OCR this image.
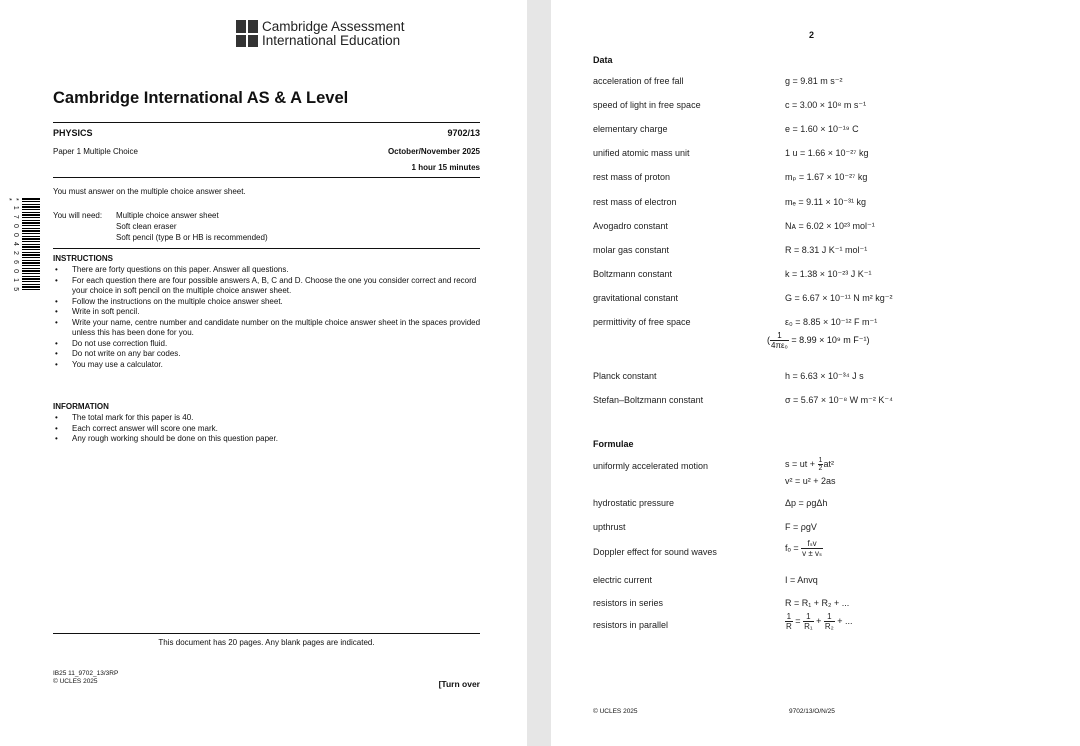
Cambridge Assessment
International Education
Cambridge International AS & A Level
PHYSICS	9702/13
Paper 1 Multiple Choice	October/November 2025
1 hour 15 minutes
You must answer on the multiple choice answer sheet.
You will need: Multiple choice answer sheet
Soft clean eraser
Soft pencil (type B or HB is recommended)
* 1 7 0 0 4 2 6 0 1 5 *
INSTRUCTIONS
• There are forty questions on this paper. Answer all questions.
• For each question there are four possible answers A, B, C and D. Choose the one you consider correct and record your choice in soft pencil on the multiple choice answer sheet.
• Follow the instructions on the multiple choice answer sheet.
• Write in soft pencil.
• Write your name, centre number and candidate number on the multiple choice answer sheet in the spaces provided unless this has been done for you.
• Do not use correction fluid.
• Do not write on any bar codes.
• You may use a calculator.
INFORMATION
• The total mark for this paper is 40.
• Each correct answer will score one mark.
• Any rough working should be done on this question paper.
This document has 20 pages. Any blank pages are indicated.
IB25 11_9702_13/3RP
© UCLES 2025	[Turn over
2
Data
acceleration of free fall	g = 9.81 m s⁻²
speed of light in free space	c = 3.00 × 10⁸ m s⁻¹
elementary charge	e = 1.60 × 10⁻¹⁹ C
unified atomic mass unit	1 u = 1.66 × 10⁻²⁷ kg
rest mass of proton	mₚ = 1.67 × 10⁻²⁷ kg
rest mass of electron	mₑ = 9.11 × 10⁻³¹ kg
Avogadro constant	Nᴀ = 6.02 × 10²³ mol⁻¹
molar gas constant	R = 8.31 J K⁻¹ mol⁻¹
Boltzmann constant	k = 1.38 × 10⁻²³ J K⁻¹
gravitational constant	G = 6.67 × 10⁻¹¹ N m² kg⁻²
permittivity of free space	ε₀ = 8.85 × 10⁻¹² F m⁻¹
( $\frac{1}{\text{4πε₀}} = 8.99 \times 10^9$ m F⁻¹)
Planck constant	h = 6.63 × 10⁻³⁴ J s
Stefan–Boltzmann constant	σ = 5.67 × 10⁻⁸ W m⁻² K⁻⁴
Formulae
uniformly accelerated motion	s = ut + $\frac{1}{2} at^2$
v² = u² + 2as
hydrostatic pressure	Δp = ρgΔh
upthrust	F = ρgV
Doppler effect for sound waves	$f_o = \frac{\text{fₛv}}{\text{v ± vₛ}}$
electric current	I = Anvq
resistors in series	R = R₁ + R₂ + ...
resistors in parallel	$\frac{1}{R} = \frac{1}{\text{R₁}} + \frac{1}{\text{R₂}}$ + ...
© UCLES 2025	9702/13/O/N/25
